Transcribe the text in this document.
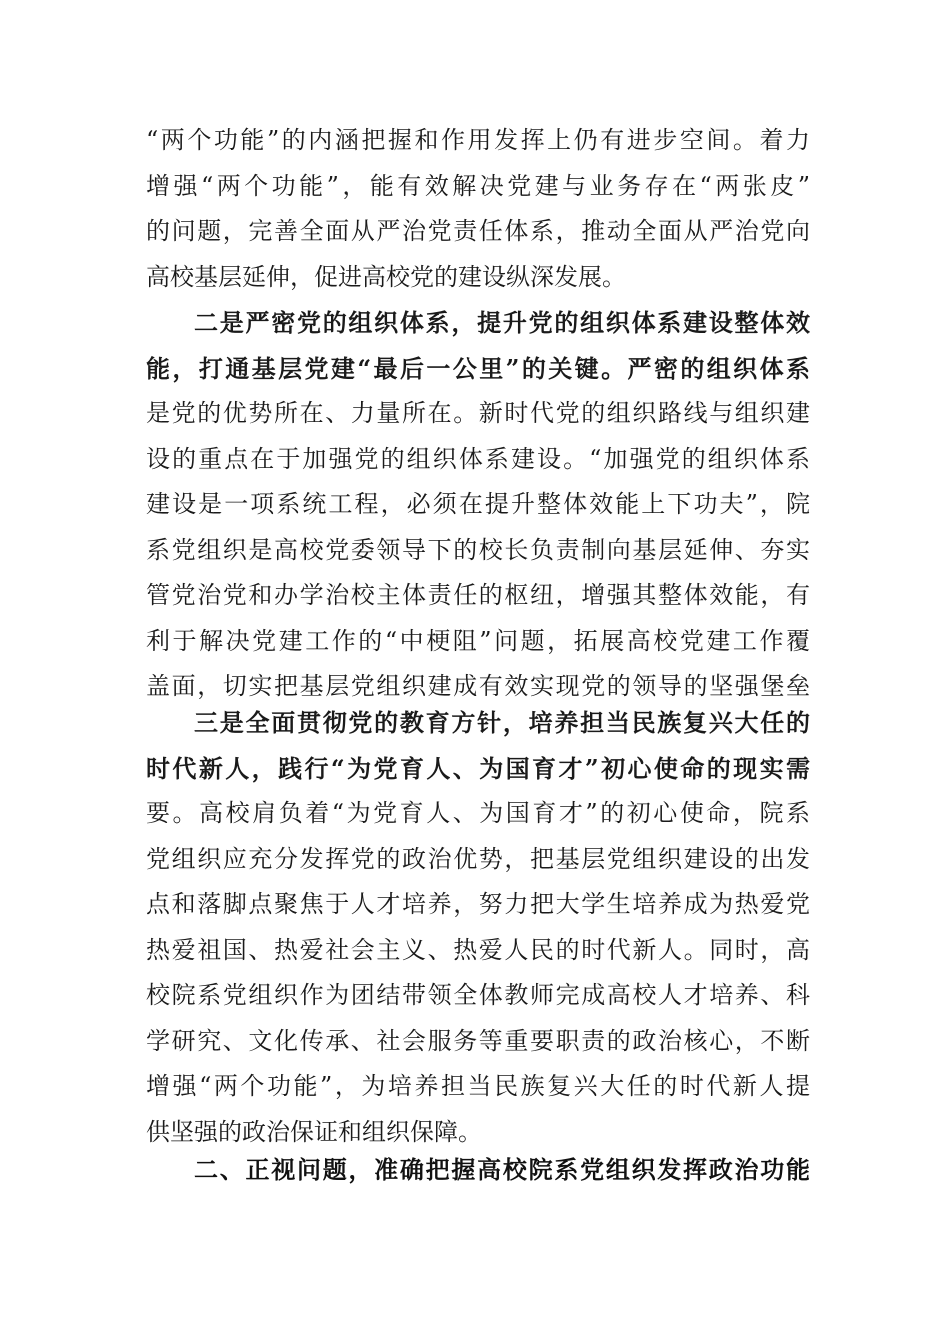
“两个功能”的内涵把握和作用发挥上仍有进步空间。着力
增强“两个功能”，能有效解决党建与业务存在“两张皮”
的问题，完善全面从严治党责任体系，推动全面从严治党向
高校基层延伸，促进高校党的建设纵深发展。
二是严密党的组织体系，提升党的组织体系建设整体效
能，打通基层党建“最后一公里”的关键。严密的组织体系
是党的优势所在、力量所在。新时代党的组织路线与组织建
设的重点在于加强党的组织体系建设。“加强党的组织体系
建设是一项系统工程，必须在提升整体效能上下功夫”，院
系党组织是高校党委领导下的校长负责制向基层延伸、夯实
管党治党和办学治校主体责任的枢纽，增强其整体效能，有
利于解决党建工作的“中梗阻”问题，拓展高校党建工作覆
盖面，切实把基层党组织建成有效实现党的领导的坚强堡垒
三是全面贯彻党的教育方针，培养担当民族复兴大任的
时代新人，践行“为党育人、为国育才”初心使命的现实需
要。高校肩负着“为党育人、为国育才”的初心使命，院系
党组织应充分发挥党的政治优势，把基层党组织建设的出发
点和落脚点聚焦于人才培养，努力把大学生培养成为热爱党
热爱祖国、热爱社会主义、热爱人民的时代新人。同时，高
校院系党组织作为团结带领全体教师完成高校人才培养、科
学研究、文化传承、社会服务等重要职责的政治核心，不断
增强“两个功能”，为培养担当民族复兴大任的时代新人提
供坚强的政治保证和组织保障。
二、正视问题，准确把握高校院系党组织发挥政治功能
